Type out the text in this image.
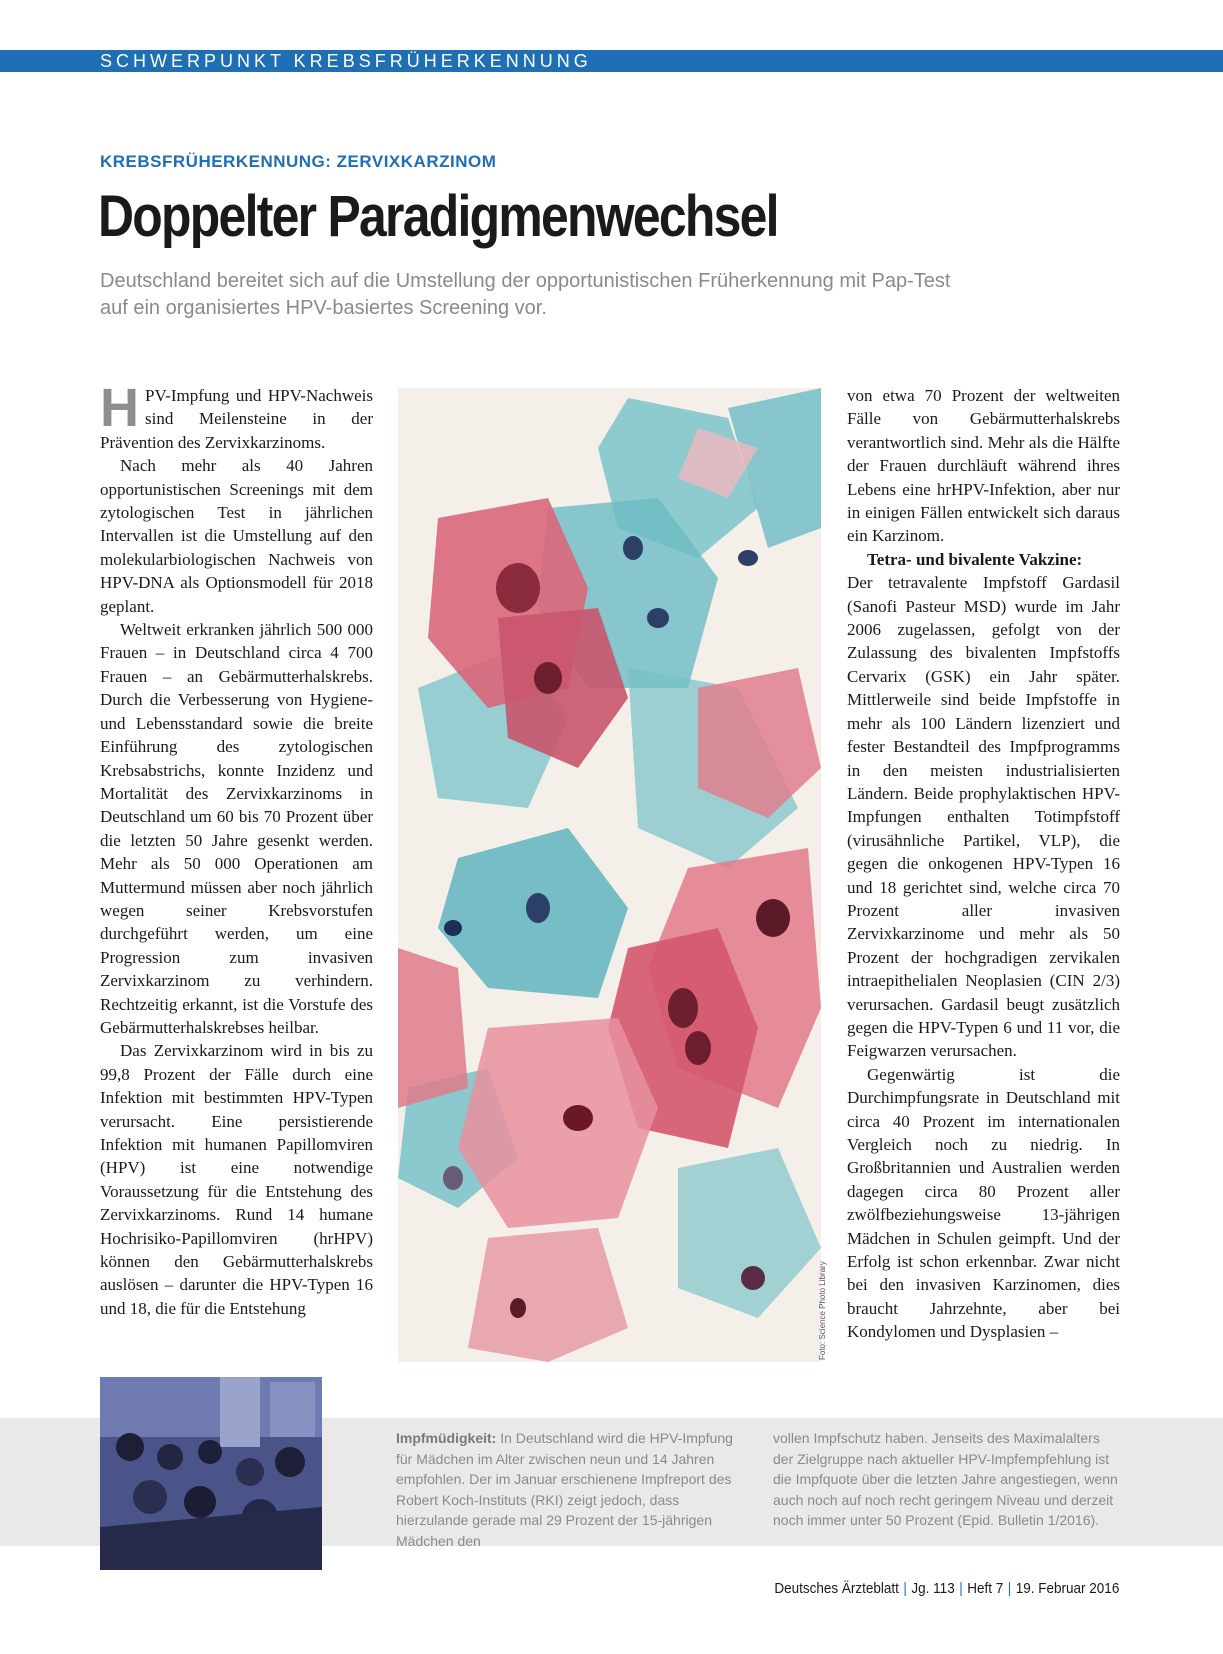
SCHWERPUNKT KREBSFRÜHERKENNUNG
KREBSFRÜHERKENNUNG: ZERVIXKARZINOM
Doppelter Paradigmenwechsel
Deutschland bereitet sich auf die Umstellung der opportunistischen Früherkennung mit Pap-Test auf ein organisiertes HPV-basiertes Screening vor.

HPV-Impfung und HPV-Nachweis sind Meilensteine in der Prävention des Zervixkarzinoms.

Nach mehr als 40 Jahren opportunistischen Screenings mit dem zytologischen Test in jährlichen Intervallen ist die Umstellung auf den molekularbiologischen Nachweis von HPV-DNA als Optionsmodell für 2018 geplant.

Weltweit erkranken jährlich 500 000 Frauen – in Deutschland circa 4 700 Frauen – an Gebärmutterhalskrebs. Durch die Verbesserung von Hygiene- und Lebensstandard sowie die breite Einführung des zytologischen Krebsabstrichs, konnte Inzidenz und Mortalität des Zervixkarzinoms in Deutschland um 60 bis 70 Prozent über die letzten 50 Jahre gesenkt werden. Mehr als 50 000 Operationen am Muttermund müssen aber noch jährlich wegen seiner Krebsvorstufen durchgeführt werden, um eine Progression zum invasiven Zervixkarzinom zu verhindern. Rechtzeitig erkannt, ist die Vorstufe des Gebärmutterhalskrebses heilbar.

Das Zervixkarzinom wird in bis zu 99,8 Prozent der Fälle durch eine Infektion mit bestimmten HPV-Typen verursacht. Eine persistierende Infektion mit humanen Papillomviren (HPV) ist eine notwendige Voraussetzung für die Entstehung des Zervixkarzinoms. Rund 14 humane Hochrisiko-Papillomviren (hrHPV) können den Gebärmutterhalskrebs auslösen – darunter die HPV-Typen 16 und 18, die für die Entstehung	Foto: Science Photo Library

von etwa 70 Prozent der weltweiten Fälle von Gebärmutterhalskrebs verantwortlich sind. Mehr als die Hälfte der Frauen durchläuft während ihres Lebens eine hrHPV-Infektion, aber nur in einigen Fällen entwickelt sich daraus ein Karzinom.

Tetra- und bivalente Vakzine:

Der tetravalente Impfstoff Gardasil (Sanofi Pasteur MSD) wurde im Jahr 2006 zugelassen, gefolgt von der Zulassung des bivalenten Impfstoffs Cervarix (GSK) ein Jahr später. Mittlerweile sind beide Impfstoffe in mehr als 100 Ländern lizenziert und fester Bestandteil des Impfprogramms in den meisten industrialisierten Ländern. Beide prophylaktischen HPV-Impfungen enthalten Totimpfstoff (virusähnliche Partikel, VLP), die gegen die onkogenen HPV-Typen 16 und 18 gerichtet sind, welche circa 70 Prozent aller invasiven Zervixkarzinome und mehr als 50 Prozent der hochgradigen zervikalen intraepithelialen Neoplasien (CIN 2/3) verursachen. Gardasil beugt zusätzlich gegen die HPV-Typen 6 und 11 vor, die Feigwarzen verursachen.

Gegenwärtig ist die Durchimpfungsrate in Deutschland mit circa 40 Prozent im internationalen Vergleich noch zu niedrig. In Großbritannien und Australien werden dagegen circa 80 Prozent aller zwölfbeziehungsweise 13-jährigen Mädchen in Schulen geimpft. Und der Erfolg ist schon erkennbar. Zwar nicht bei den invasiven Karzinomen, dies braucht Jahrzehnte, aber bei Kondylomen und Dysplasien –

Impfmüdigkeit: In Deutschland wird die HPV-Impfung für Mädchen im Alter zwischen neun und 14 Jahren empfohlen. Der im Januar erschienene Impfreport des Robert Koch-Instituts (RKI) zeigt jedoch, dass hierzulande gerade mal 29 Prozent der 15-jährigen Mädchen den
vollen Impfschutz haben. Jenseits des Maximalalters der Zielgruppe nach aktueller HPV-Impfempfehlung ist die Impfquote über die letzten Jahre angestiegen, wenn auch noch auf noch recht geringem Niveau und derzeit noch immer unter 50 Prozent (Epid. Bulletin 1/2016).
Deutsches Ärzteblatt | Jg. 113 | Heft 7 | 19. Februar 2016
